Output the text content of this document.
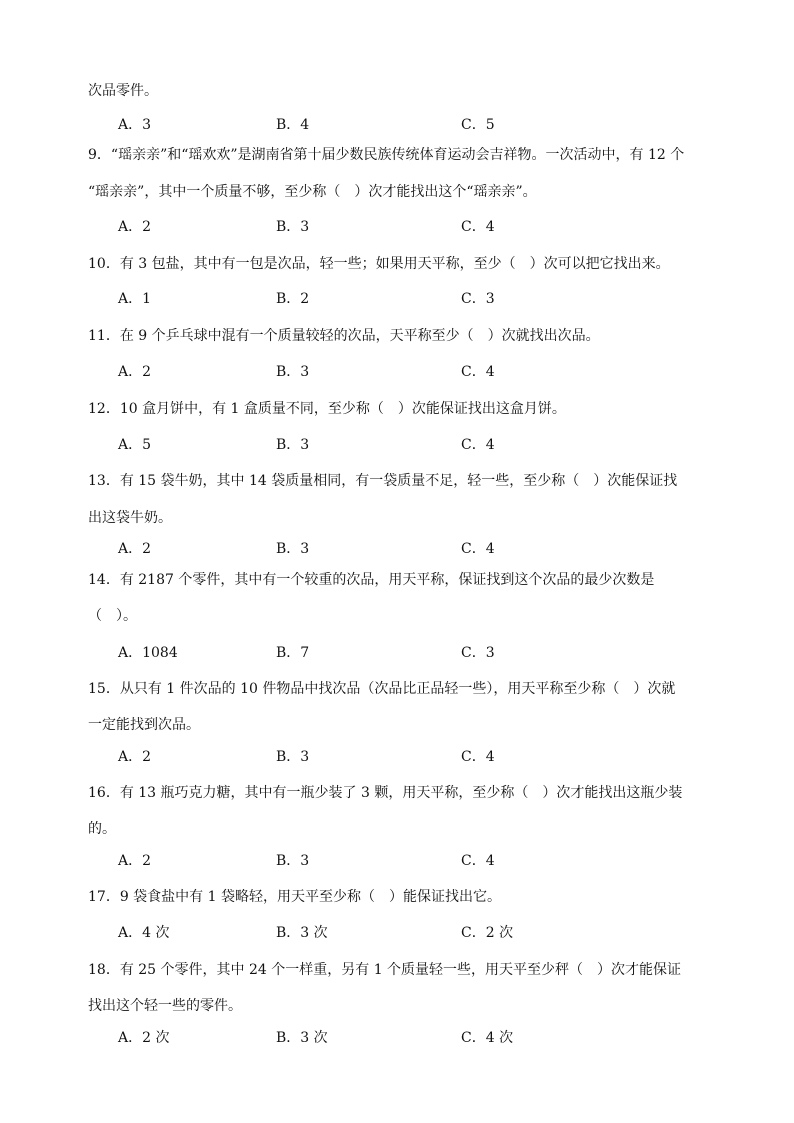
次品零件。
A．3	B．4	C．5
9．“瑶亲亲”和“瑶欢欢”是湖南省第十届少数民族传统体育运动会吉祥物。一次活动中，有 12 个
“瑶亲亲”，其中一个质量不够，至少称（　）次才能找出这个“瑶亲亲”。
A．2	B．3	C．4
10．有 3 包盐，其中有一包是次品，轻一些；如果用天平称，至少（　）次可以把它找出来。
A．1	B．2	C．3
11．在 9 个乒乓球中混有一个质量较轻的次品，天平称至少（　）次就找出次品。
A．2	B．3	C．4
12．10 盒月饼中，有 1 盒质量不同，至少称（　）次能保证找出这盒月饼。
A．5	B．3	C．4
13．有 15 袋牛奶，其中 14 袋质量相同，有一袋质量不足，轻一些，至少称（　）次能保证找
出这袋牛奶。
A．2	B．3	C．4
14．有 2187 个零件，其中有一个较重的次品，用天平称，保证找到这个次品的最少次数是
（　）。
A．1084	B．7	C．3
15．从只有 1 件次品的 10 件物品中找次品（次品比正品轻一些），用天平称至少称（　）次就
一定能找到次品。
A．2	B．3	C．4
16．有 13 瓶巧克力糖，其中有一瓶少装了 3 颗，用天平称，至少称（　）次才能找出这瓶少装
的。
A．2	B．3	C．4
17．9 袋食盐中有 1 袋略轻，用天平至少称（　）能保证找出它。
A．4 次	B．3 次	C．2 次
18．有 25 个零件，其中 24 个一样重，另有 1 个质量轻一些，用天平至少秤（　）次才能保证
找出这个轻一些的零件。
A．2 次	B．3 次	C．4 次
